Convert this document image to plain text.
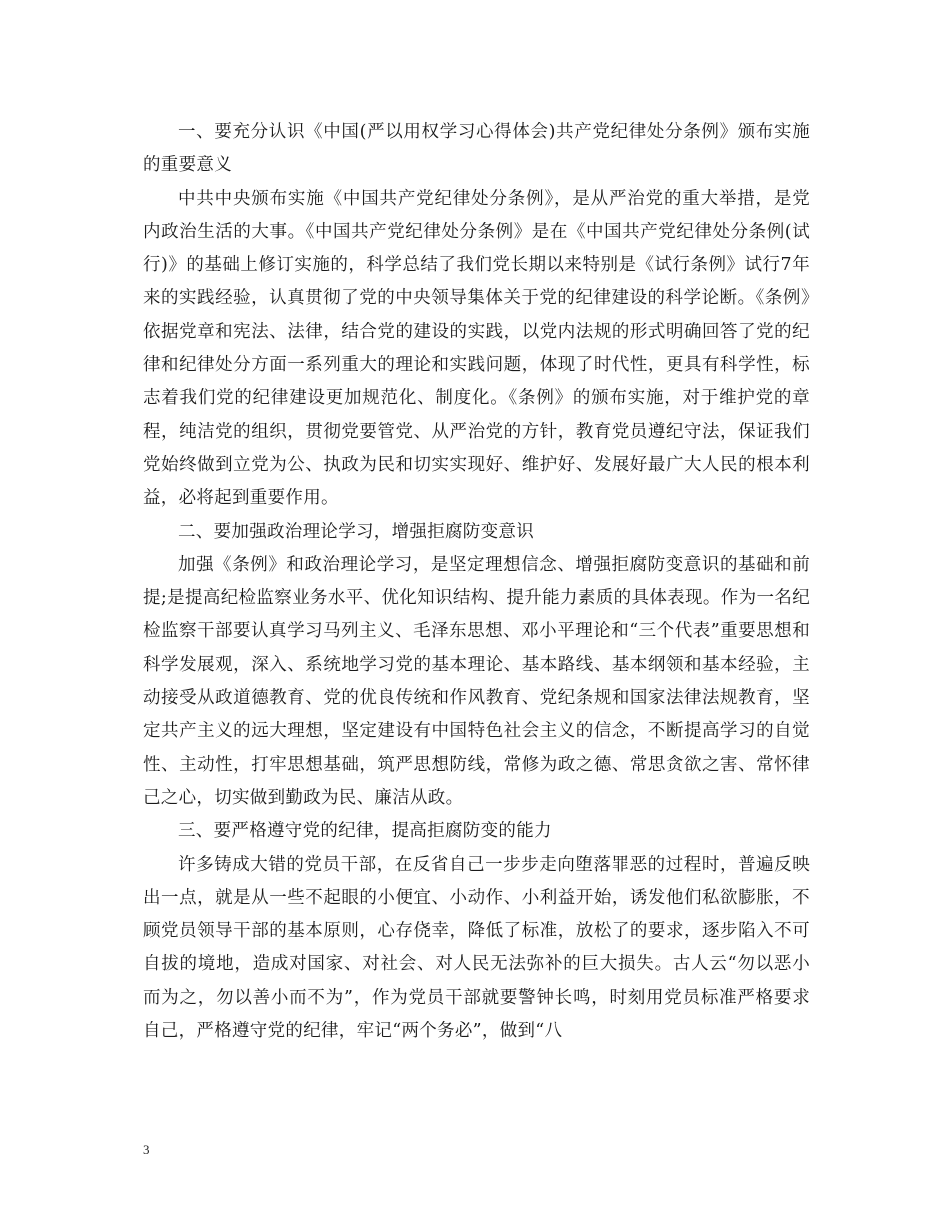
一、要充分认识《中国(严以用权学习心得体会)共产党纪律处分条例》颁布实施的重要意义

中共中央颁布实施《中国共产党纪律处分条例》，是从严治党的重大举措，是党内政治生活的大事。《中国共产党纪律处分条例》是在《中国共产党纪律处分条例(试行)》的基础上修订实施的，科学总结了我们党长期以来特别是《试行条例》试行7年来的实践经验，认真贯彻了党的中央领导集体关于党的纪律建设的科学论断。《条例》依据党章和宪法、法律，结合党的建设的实践，以党内法规的形式明确回答了党的纪律和纪律处分方面一系列重大的理论和实践问题，体现了时代性，更具有科学性，标志着我们党的纪律建设更加规范化、制度化。《条例》的颁布实施，对于维护党的章程，纯洁党的组织，贯彻党要管党、从严治党的方针，教育党员遵纪守法，保证我们党始终做到立党为公、执政为民和切实实现好、维护好、发展好最广大人民的根本利益，必将起到重要作用。

二、要加强政治理论学习，增强拒腐防变意识

加强《条例》和政治理论学习，是坚定理想信念、增强拒腐防变意识的基础和前提;是提高纪检监察业务水平、优化知识结构、提升能力素质的具体表现。作为一名纪检监察干部要认真学习马列主义、毛泽东思想、邓小平理论和“三个代表”重要思想和科学发展观，深入、系统地学习党的基本理论、基本路线、基本纲领和基本经验，主动接受从政道德教育、党的优良传统和作风教育、党纪条规和国家法律法规教育，坚定共产主义的远大理想，坚定建设有中国特色社会主义的信念，不断提高学习的自觉性、主动性，打牢思想基础，筑严思想防线，常修为政之德、常思贪欲之害、常怀律己之心，切实做到勤政为民、廉洁从政。

三、要严格遵守党的纪律，提高拒腐防变的能力

许多铸成大错的党员干部，在反省自己一步步走向堕落罪恶的过程时，普遍反映出一点，就是从一些不起眼的小便宜、小动作、小利益开始，诱发他们私欲膨胀，不顾党员领导干部的基本原则，心存侥幸，降低了标准，放松了的要求，逐步陷入不可自拔的境地，造成对国家、对社会、对人民无法弥补的巨大损失。古人云“勿以恶小而为之，勿以善小而不为”，作为党员干部就要警钟长鸣，时刻用党员标准严格要求自己，严格遵守党的纪律，牢记“两个务必”，做到“八

3
